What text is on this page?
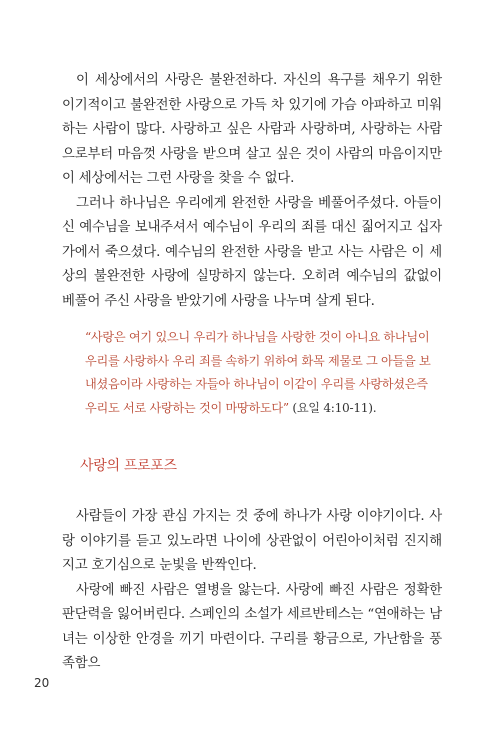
이 세상에서의 사랑은 불완전하다. 자신의 욕구를 채우기 위한 이기적이고 불완전한 사랑으로 가득 차 있기에 가슴 아파하고 미워하는 사람이 많다. 사랑하고 싶은 사람과 사랑하며, 사랑하는 사람으로부터 마음껏 사랑을 받으며 살고 싶은 것이 사람의 마음이지만 이 세상에서는 그런 사랑을 찾을 수 없다.

그러나 하나님은 우리에게 완전한 사랑을 베풀어주셨다. 아들이신 예수님을 보내주셔서 예수님이 우리의 죄를 대신 짊어지고 십자가에서 죽으셨다. 예수님의 완전한 사랑을 받고 사는 사람은 이 세상의 불완전한 사랑에 실망하지 않는다. 오히려 예수님의 값없이 베풀어 주신 사랑을 받았기에 사랑을 나누며 살게 된다.

“사랑은 여기 있으니 우리가 하나님을 사랑한 것이 아니요 하나님이 우리를 사랑하사 우리 죄를 속하기 위하여 화목 제물로 그 아들을 보내셨음이라 사랑하는 자들아 하나님이 이같이 우리를 사랑하셨은즉 우리도 서로 사랑하는 것이 마땅하도다” (요일 4:10-11).
사랑의 프로포즈

사람들이 가장 관심 가지는 것 중에 하나가 사랑 이야기이다. 사랑 이야기를 듣고 있노라면 나이에 상관없이 어린아이처럼 진지해지고 호기심으로 눈빛을 반짝인다.

사랑에 빠진 사람은 열병을 앓는다. 사랑에 빠진 사람은 정확한 판단력을 잃어버린다. 스페인의 소설가 세르반테스는 “연애하는 남녀는 이상한 안경을 끼기 마련이다. 구리를 황금으로, 가난함을 풍족함으

20
